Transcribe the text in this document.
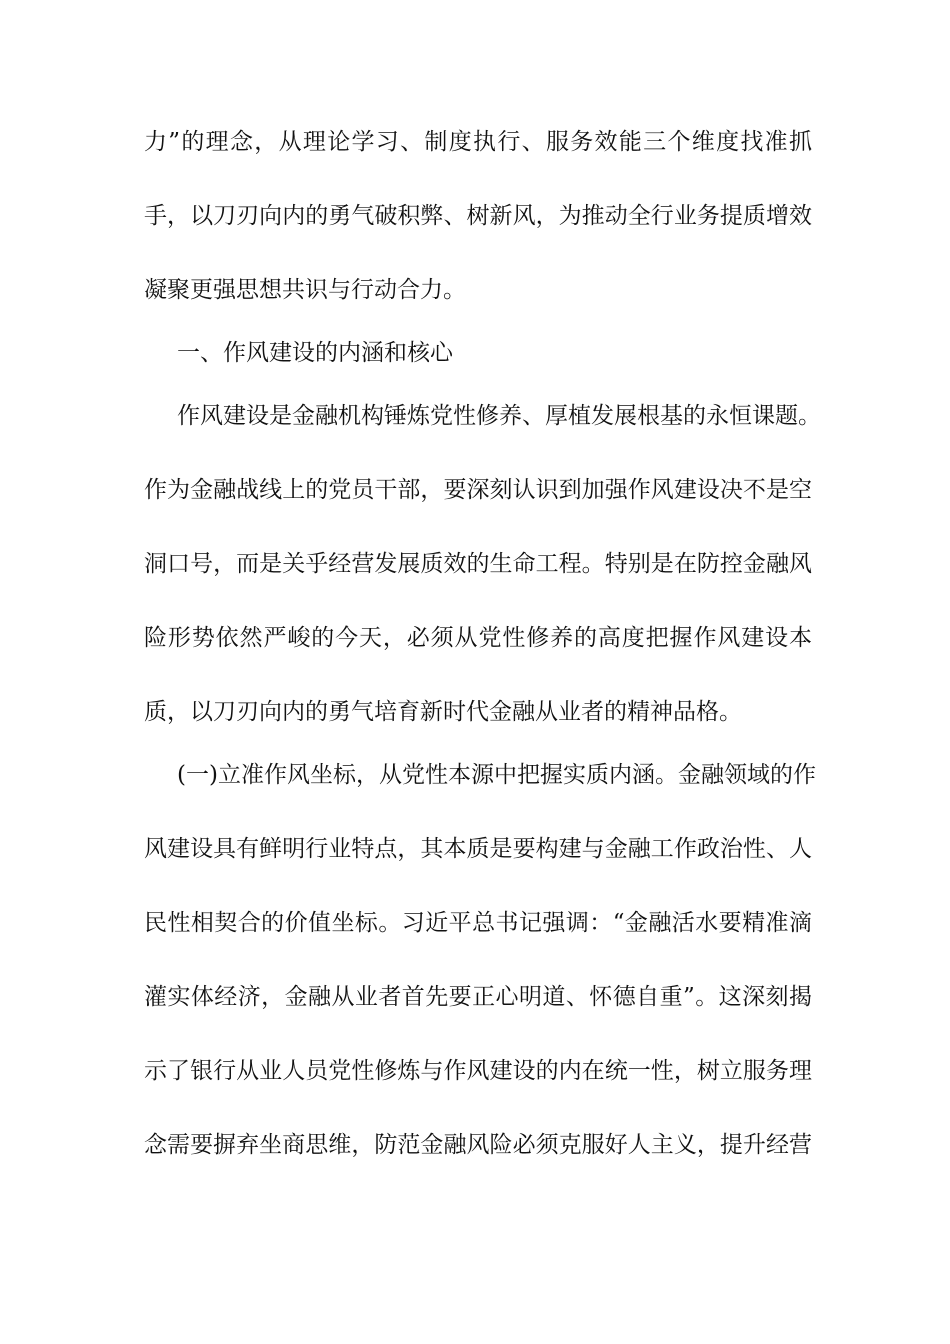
力”的理念，从理论学习、制度执行、服务效能三个维度找准抓
手，以刀刃向内的勇气破积弊、树新风，为推动全行业务提质增效
凝聚更强思想共识与行动合力。
一、作风建设的内涵和核心
作风建设是金融机构锤炼党性修养、厚植发展根基的永恒课题。
作为金融战线上的党员干部，要深刻认识到加强作风建设决不是空
洞口号，而是关乎经营发展质效的生命工程。特别是在防控金融风
险形势依然严峻的今天，必须从党性修养的高度把握作风建设本
质，以刀刃向内的勇气培育新时代金融从业者的精神品格。
(一)立准作风坐标，从党性本源中把握实质内涵。金融领域的作
风建设具有鲜明行业特点，其本质是要构建与金融工作政治性、人
民性相契合的价值坐标。习近平总书记强调：“金融活水要精准滴
灌实体经济，金融从业者首先要正心明道、怀德自重”。这深刻揭
示了银行从业人员党性修炼与作风建设的内在统一性，树立服务理
念需要摒弃坐商思维，防范金融风险必须克服好人主义，提升经营
